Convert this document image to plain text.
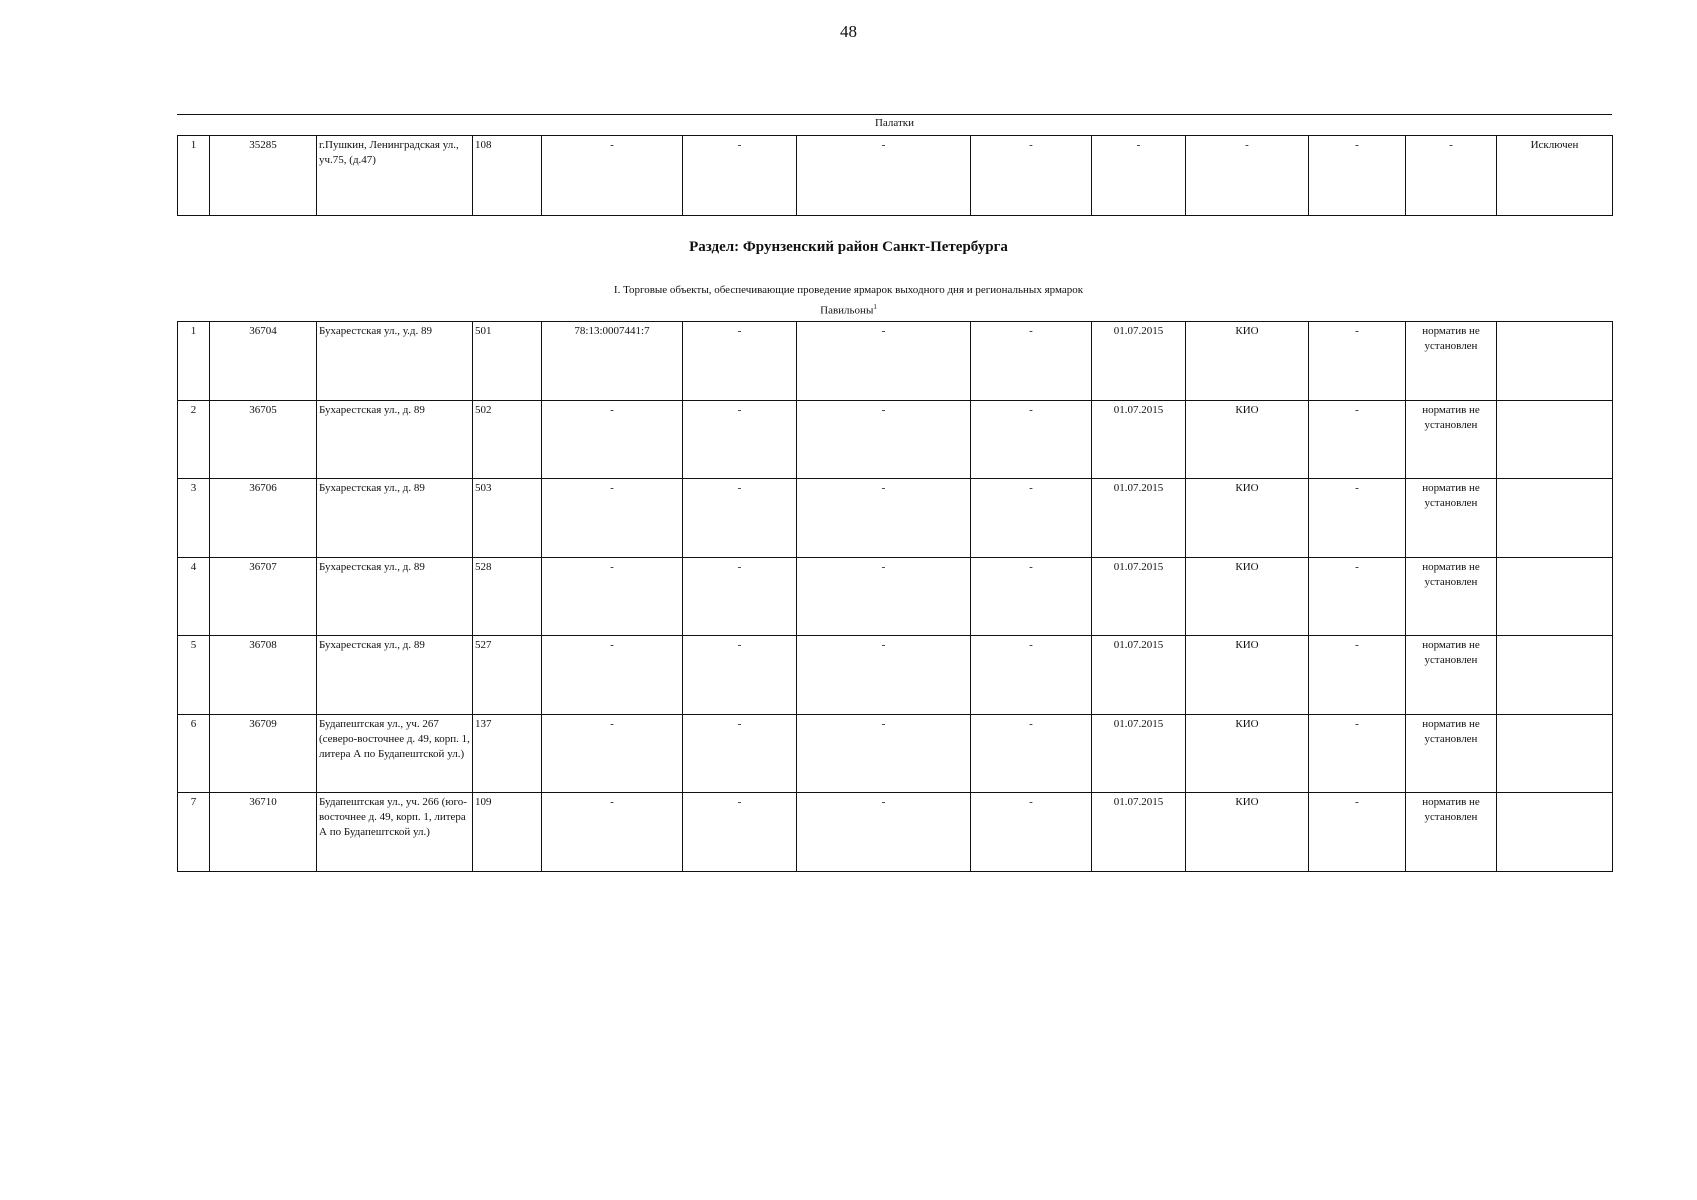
48
Палатки
1	35285	г.Пушкин, Ленинградская ул., уч.75, (д.47)	108	-	-	-	-	-	-	-	-	Исключен
Раздел: Фрунзенский район Санкт-Петербурга
I. Торговые объекты, обеспечивающие проведение ярмарок выходного дня и региональных ярмарок
Павильоны$^1$
1	36704	Бухарестская ул., у.д. 89	501	78:13:0007441:7	-	-	-	01.07.2015	КИО	-	норматив не установлен	
2	36705	Бухарестская ул., д. 89	502	-	-	-	-	01.07.2015	КИО	-	норматив не установлен	
3	36706	Бухарестская ул., д. 89	503	-	-	-	-	01.07.2015	КИО	-	норматив не установлен	
4	36707	Бухарестская ул., д. 89	528	-	-	-	-	01.07.2015	КИО	-	норматив не установлен	
5	36708	Бухарестская ул., д. 89	527	-	-	-	-	01.07.2015	КИО	-	норматив не установлен	
6	36709	Будапештская ул., уч. 267 (северо-восточнее д. 49, корп. 1, литера А по Будапештской ул.)	137	-	-	-	-	01.07.2015	КИО	-	норматив не установлен	
7	36710	Будапештская ул., уч. 266 (юго-восточнее д. 49, корп. 1, литера А по Будапештской ул.)	109	-	-	-	-	01.07.2015	КИО	-	норматив не установлен	
